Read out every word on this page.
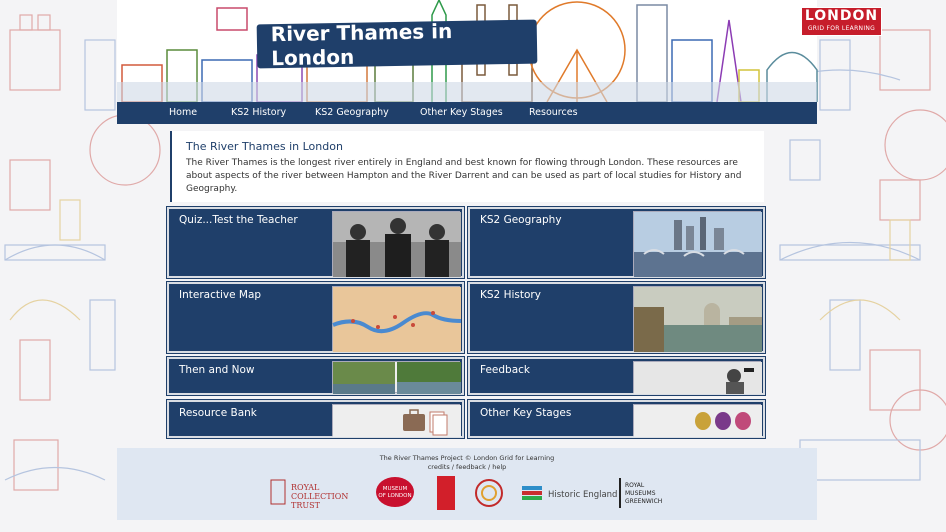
River Thames in London
LONDON
GRID FOR LEARNING
Home	KS2 History	KS2 Geography	Other Key Stages	Resources
The River Thames in London

The River Thames is the longest river entirely in England and best known for flowing through London. These resources are about aspects of the river between Hampton and the River Darrent and can be used as part of local studies for History and Geography.

Quiz...Test the Teacher	KS2 Geography
Interactive Map	KS2 History
Then and Now	Feedback
Resource Bank	Other Key Stages
The River Thames Project © London Grid for Learning
credits / feedback / help
ROYAL
COLLECTION
TRUST
MUSEUM
OF LONDON	Historic England
ROYAL
MUSEUMS
GREENWICH
